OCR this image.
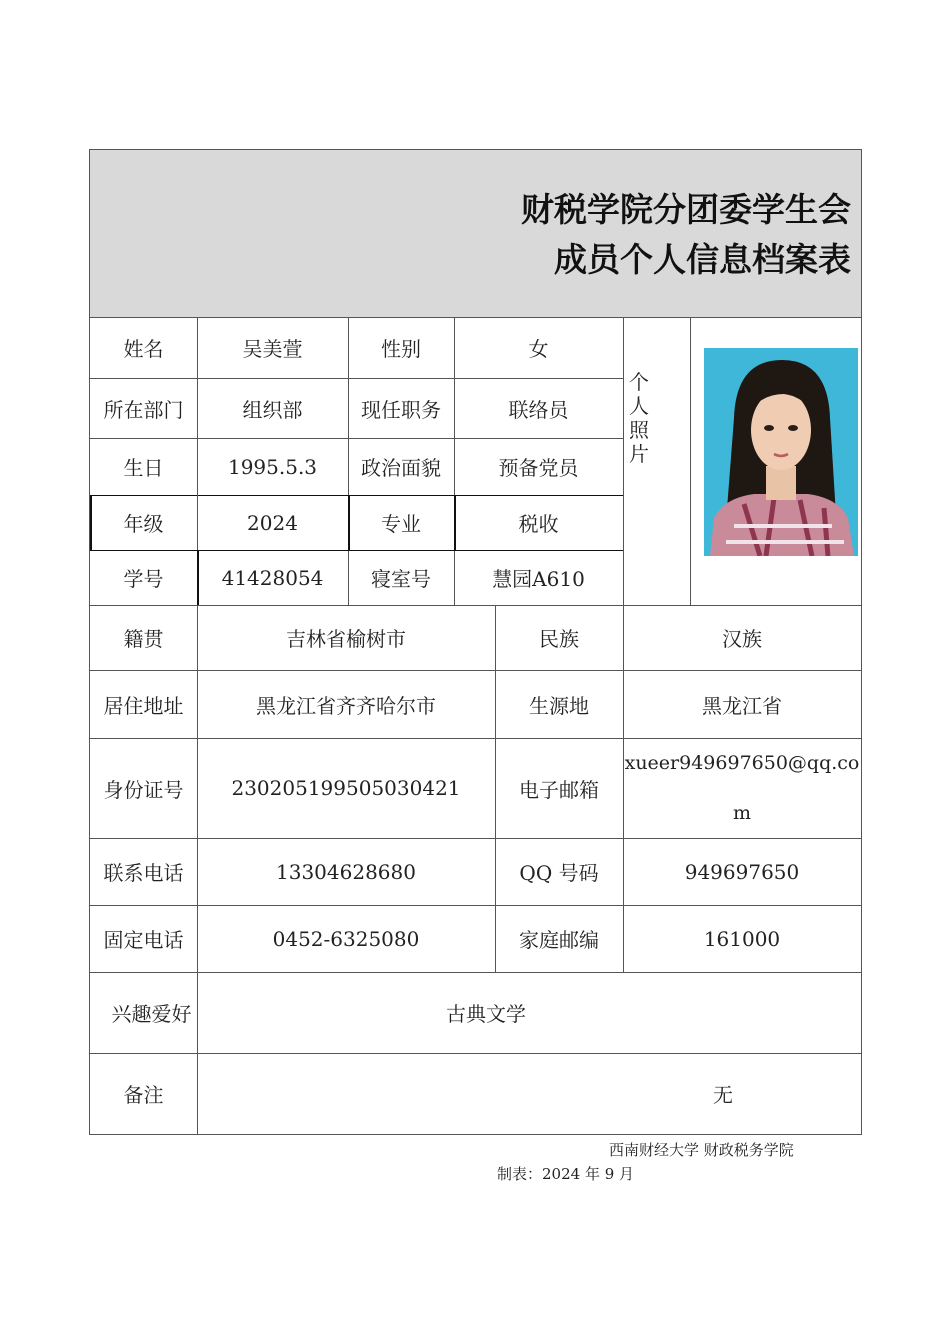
财税学院分团委学生会
成员个人信息档案表
姓名	吴美萱	性别	女
所在部门	组织部	现任职务	联络员
生日	1995.5.3	政治面貌	预备党员
年级	2024	专业	税收
学号	41428054	寝室号	慧园A610
个
人
照
片
籍贯	吉林省榆树市	民族	汉族
居住地址	黑龙江省齐齐哈尔市	生源地	黑龙江省
身份证号	230205199505030421	电子邮箱
xueer949697650@qq.co
m
联系电话	13304628680	QQ 号码	949697650
固定电话	0452-6325080	家庭邮编	161000
兴趣爱好	古典文学
备注	无
西南财经大学 财政税务学院
制表：2024 年 9 月
